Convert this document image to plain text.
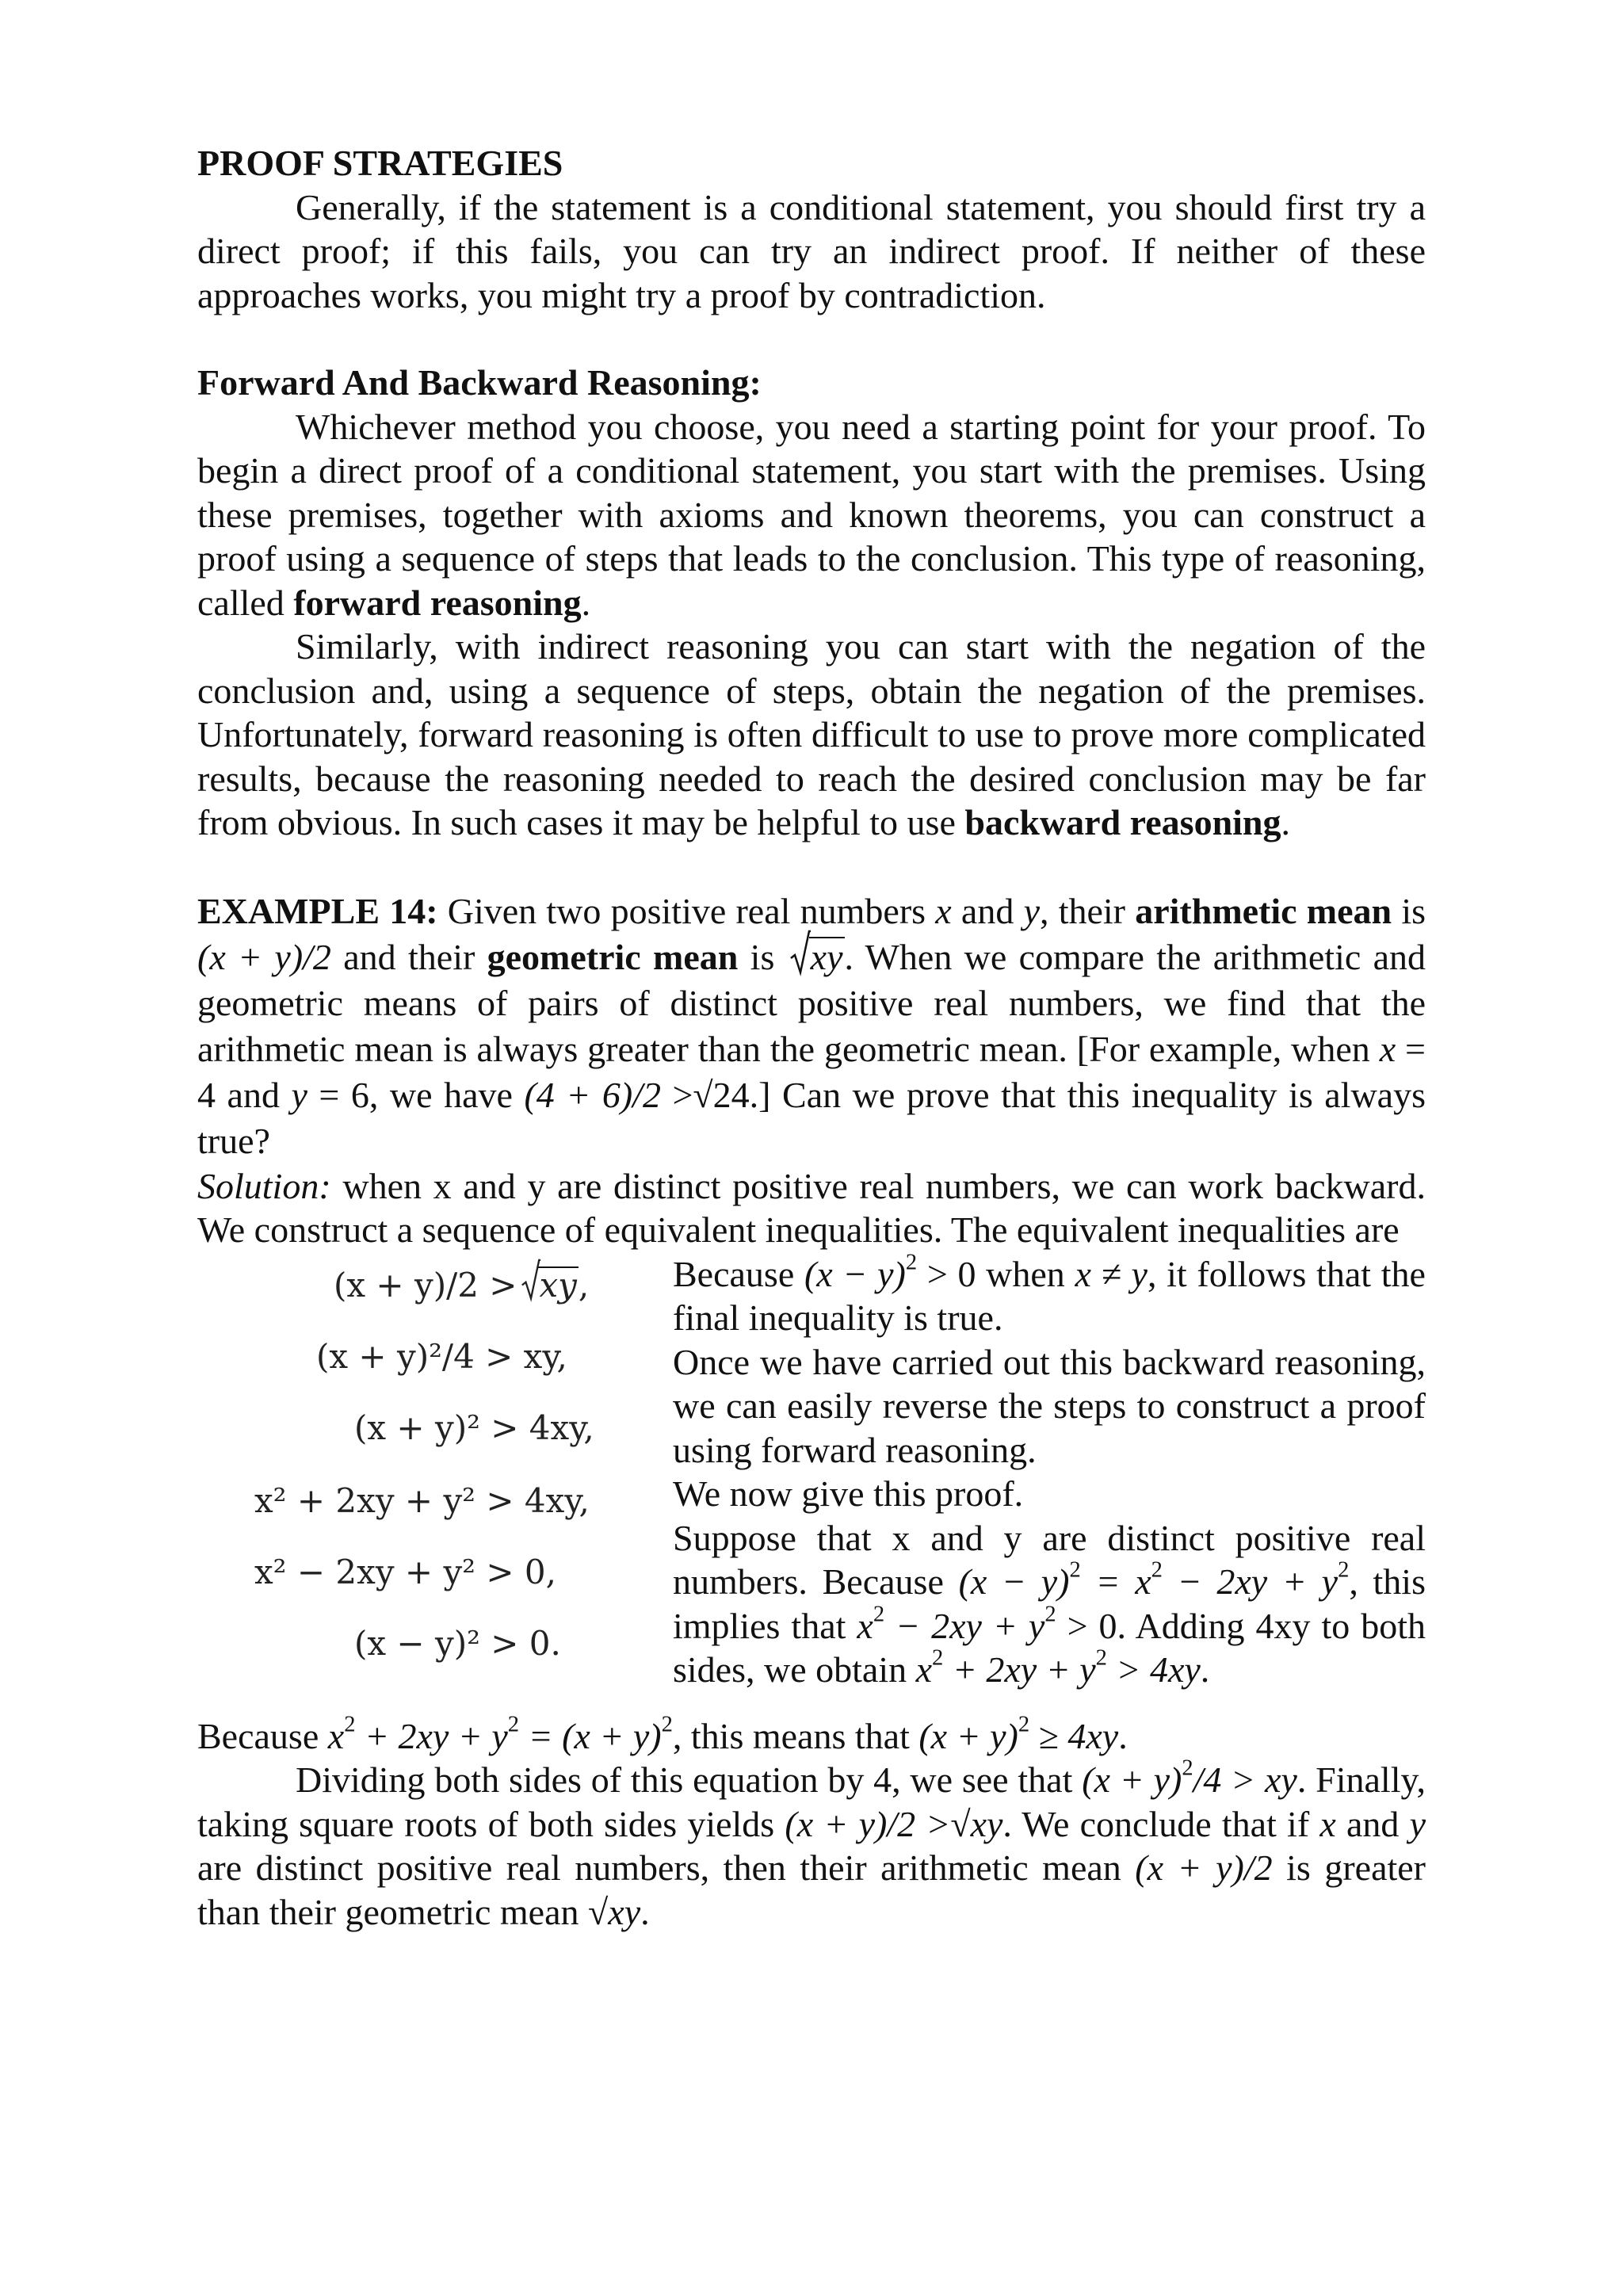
PROOF STRATEGIES

Generally, if the statement is a conditional statement, you should first try a direct proof; if this fails, you can try an indirect proof. If neither of these approaches works, you might try a proof by contradiction.

Forward And Backward Reasoning:

Whichever method you choose, you need a starting point for your proof. To begin a direct proof of a conditional statement, you start with the premises. Using these premises, together with axioms and known theorems, you can construct a proof using a sequence of steps that leads to the conclusion. This type of reasoning, called forward reasoning.

Similarly, with indirect reasoning you can start with the negation of the conclusion and, using a sequence of steps, obtain the negation of the premises. Unfortunately, forward reasoning is often difficult to use to prove more complicated results, because the reasoning needed to reach the desired conclusion may be far from obvious. In such cases it may be helpful to use backward reasoning.

EXAMPLE 14: Given two positive real numbers x and y, their arithmetic mean is (x + y)/2 and their geometric mean is
xy. When we compare the arithmetic and geometric means of pairs of distinct positive real numbers, we find that the arithmetic mean is always greater than the geometric mean. [For example, when x = 4 and y = 6, we have (4 + 6)/2 >√24.] Can we prove that this inequality is always true?

Solution: when x and y are distinct positive real numbers, we can work backward. We construct a sequence of equivalent inequalities. The equivalent inequalities are

(x + y)/2 > xy,
(x + y)²/4 > xy,
(x + y)² > 4xy,
x² + 2xy + y² > 4xy,
x² − 2xy + y² > 0,
(x − y)² > 0.

Because $(x - y)^2 > 0$ when x ≠ y, it follows that the final inequality is true.

Once we have carried out this backward reasoning, we can easily reverse the steps to construct a proof using forward reasoning.

We now give this proof.

Suppose that x and y are distinct positive real numbers. Because $(x - y)^2 = x^2 - 2xy + y^2$, this implies that $x^2 - 2xy + y^2 > 0$. Adding 4xy to both sides, we obtain $x^2 + 2xy + y^2 > 4xy$.

Because $x^2 + 2xy + y^2 = (x + y)^2$, this means that $(x + y)^2 \ge 4xy$.

Dividing both sides of this equation by 4, we see that $(x + y)^2/4$ > xy. Finally, taking square roots of both sides yields (x + y)/2 >√xy. We conclude that if x and y are distinct positive real numbers, then their arithmetic mean (x + y)/2 is greater than their geometric mean √xy.
